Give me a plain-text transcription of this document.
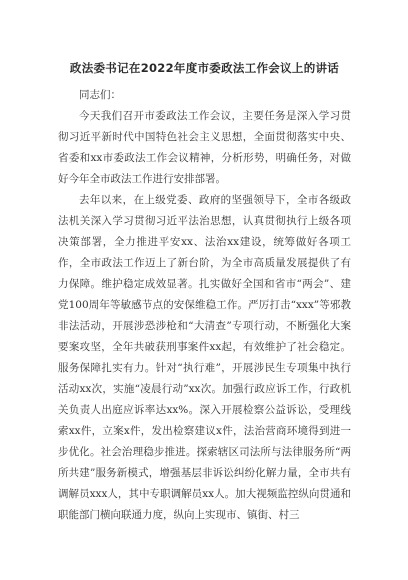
政法委书记在2022年度市委政法工作会议上的讲话

同志们：

今天我们召开市委政法工作会议，主要任务是深入学习贯彻习近平新时代中国特色社会主义思想，全面贯彻落实中央、省委和xx市委政法工作会议精神，分析形势，明确任务，对做好今年全市政法工作进行安排部署。

去年以来，在上级党委、政府的坚强领导下，全市各级政法机关深入学习贯彻习近平法治思想，认真贯彻执行上级各项决策部署，全力推进平安xx、法治xx建设，统筹做好各项工作，全市政法工作迈上了新台阶，为全市高质量发展提供了有力保障。维护稳定成效显著。扎实做好全国和省市“两会”、建党100周年等敏感节点的安保维稳工作。严厉打击“xxx”等邪教非法活动，开展涉恐涉枪和“大清查”专项行动，不断强化大案要案攻坚，全年共破获刑事案件xx起，有效维护了社会稳定。服务保障扎实有力。针对“执行难”，开展涉民生专项集中执行活动xx次，实施“凌晨行动”xx次。加强行政应诉工作，行政机关负责人出庭应诉率达xx%。深入开展检察公益诉讼，受理线索xx件，立案x件，发出检察建议x件，法治营商环境得到进一步优化。社会治理稳步推进。探索辖区司法所与法律服务所“两所共建”服务新模式，增强基层非诉讼纠纷化解力量，全市共有调解员xxx人，其中专职调解员xx人。加大视频监控纵向贯通和职能部门横向联通力度，纵向上实现市、镇街、村三
